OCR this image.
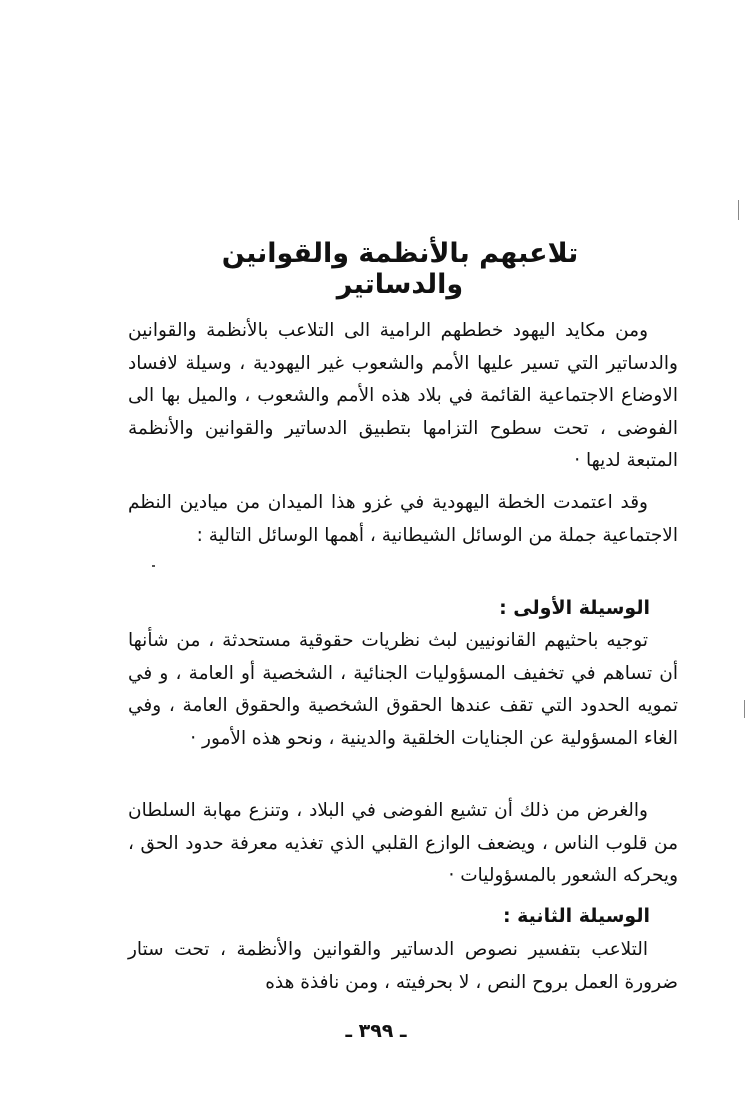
تلاعبهم بالأنظمة والقوانين والدساتير

ومن مكايد اليهود خططهم الرامية الى التلاعب بالأنظمة والقوانين والدساتير التي تسير عليها الأمم والشعوب غير اليهودية ، وسيلة لافساد الاوضاع الاجتماعية القائمة في بلاد هذه الأمم والشعوب ، والميل بها الى الفوضى ، تحت سطوح التزامها بتطبيق الدساتير والقوانين والأنظمة المتبعة لديها ·

وقد اعتمدت الخطة اليهودية في غزو هذا الميدان من ميادين النظم الاجتماعية جملة من الوسائل الشيطانية ، أهمها الوسائل التالية :

الوسيلة الأولى :

توجيه باحثيهم القانونيين لبث نظريات حقوقية مستحدثة ، من شأنها أن تساهم في تخفيف المسؤوليات الجنائية ، الشخصية أو العامة ، و في تمويه الحدود التي تقف عندها الحقوق الشخصية والحقوق العامة ، وفي الغاء المسؤولية عن الجنايات الخلقية والدينية ، ونحو هذه الأمور ·

والغرض من ذلك أن تشيع الفوضى في البلاد ، وتنزع مهابة السلطان من قلوب الناس ، ويضعف الوازع القلبي الذي تغذيه معرفة حدود الحق ، ويحركه الشعور بالمسؤوليات ·

الوسيلة الثانية :

التلاعب بتفسير نصوص الدساتير والقوانين والأنظمة ، تحت ستار ضرورة العمل بروح النص ، لا بحرفيته ، ومن نافذة هذه

ـ ٣٩٩ ـ
